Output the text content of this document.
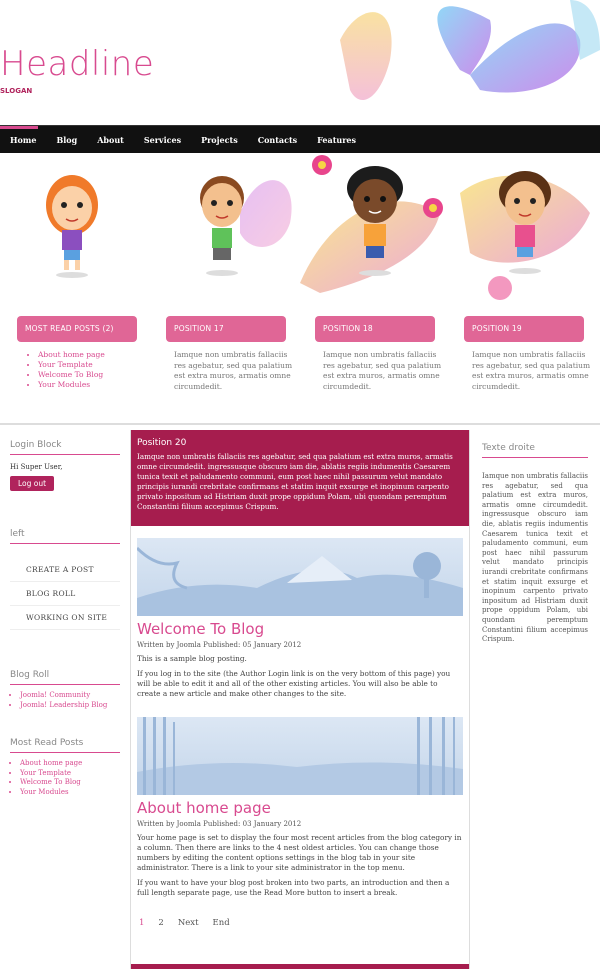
Headline
SLOGAN
Home	Blog	About	Services	Projects	Contacts	Features
MOST READ POSTS (2)	POSITION 17	POSITION 18	POSITION 19
• About home page
• Your Template
• Welcome To Blog
• Your Modules
Iamque non umbratis fallaciis res agebatur, sed qua palatium est extra muros, armatis omne circumdedit.
Iamque non umbratis fallaciis res agebatur, sed qua palatium est extra muros, armatis omne circumdedit.
Iamque non umbratis fallaciis res agebatur, sed qua palatium est extra muros, armatis omne circumdedit.
Login Block
Hi Super User,
Log out
left
CREATE A POST
BLOG ROLL
WORKING ON SITE
Blog Roll
• Joomla! Community
• Joomla! Leadership Blog
Most Read Posts
• About home page
• Your Template
• Welcome To Blog
• Your Modules
Position 20
Iamque non umbratis fallaciis res agebatur, sed qua palatium est extra muros, armatis omne circumdedit. ingressusque obscuro iam die, ablatis regiis indumentis Caesarem tunica texit et paludamento communi, eum post haec nihil passurum velut mandato principis iurandi crebritate confirmans et statim inquit exsurge et inopinum carpento privato inpositum ad Histriam duxit prope oppidum Polam, ubi quondam peremptum Constantini filium accepimus Crispum.
Welcome To Blog
Written by Joomla Published: 05 January 2012
This is a sample blog posting.
If you log in to the site (the Author Login link is on the very bottom of this page) you will be able to edit it and all of the other existing articles. You will also be able to create a new article and make other changes to the site.
About home page
Written by Joomla Published: 03 January 2012
Your home page is set to display the four most recent articles from the blog category in a column. Then there are links to the 4 nest oldest articles. You can change those numbers by editing the content options settings in the blog tab in your site administrator. There is a link to your site administrator in the top menu.
If you want to have your blog post broken into two parts, an introduction and then a full length separate page, use the Read More button to insert a break.
1 2 Next End
Texte droite
Iamque non umbratis fallaciis res agebatur, sed qua palatium est extra muros, armatis omne circumdedit. ingressusque obscuro iam die, ablatis regiis indumentis Caesarem tunica texit et paludamento communi, eum post haec nihil passurum velut mandato principis iurandi crebritate confirmans et statim inquit exsurge et inopinum carpento privato inpositum ad Histriam duxit prope oppidum Polam, ubi quondam peremptum Constantini filium accepimus Crispum.
